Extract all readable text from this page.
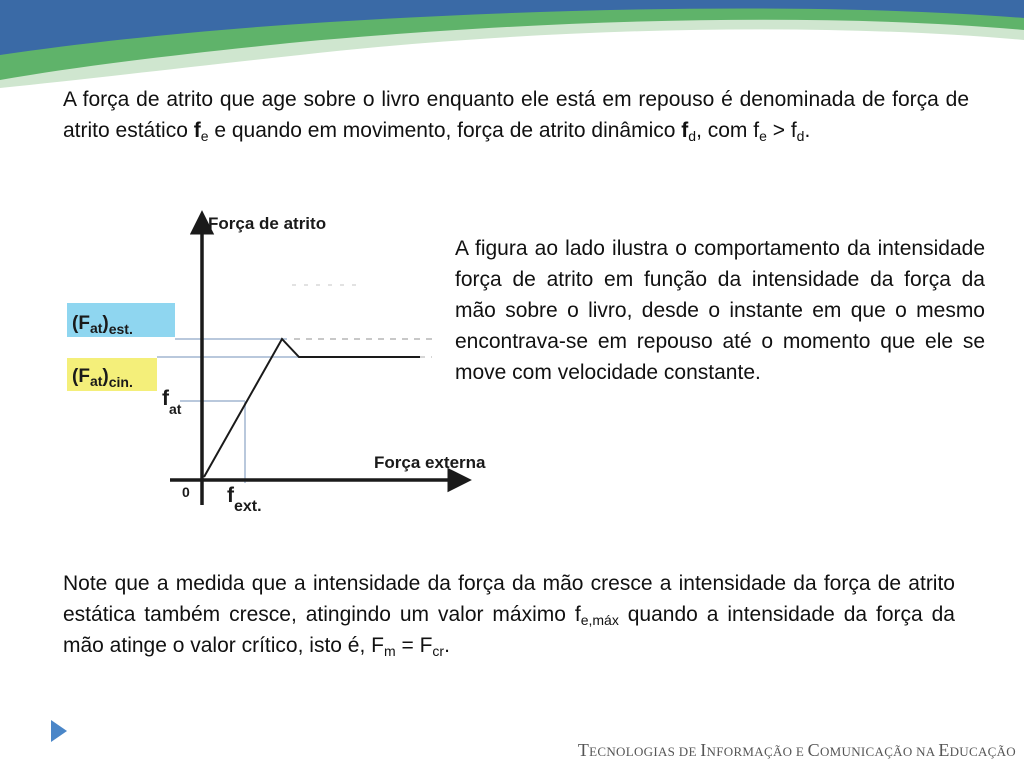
A força de atrito que age sobre o livro enquanto ele está em repouso é denominada de força de atrito estático $f_e$ e quando em movimento, força de atrito dinâmico $f_d$, com $f_e > f_d$.

Força de atrito
Força externa
0
$(F_{at})_{est.}$
$(F_{at})_{cin.}$
$f_{at}$
$f_{ext.}$

A figura ao lado ilustra o comportamento da intensidade força de atrito em função da intensidade da força da mão sobre o livro, desde o instante em que o mesmo encontrava-se em repouso até o momento que ele se move com velocidade constante.

Note que a medida que a intensidade da força da mão cresce a intensidade da força de atrito estática também cresce, atingindo um valor máximo $f_{e,máx}$ quando a intensidade da força da mão atinge o valor crítico, isto é, $F_m = F_{cr}$.

TECNOLOGIAS DE INFORMAÇÃO E COMUNICAÇÃO NA EDUCAÇÃO
